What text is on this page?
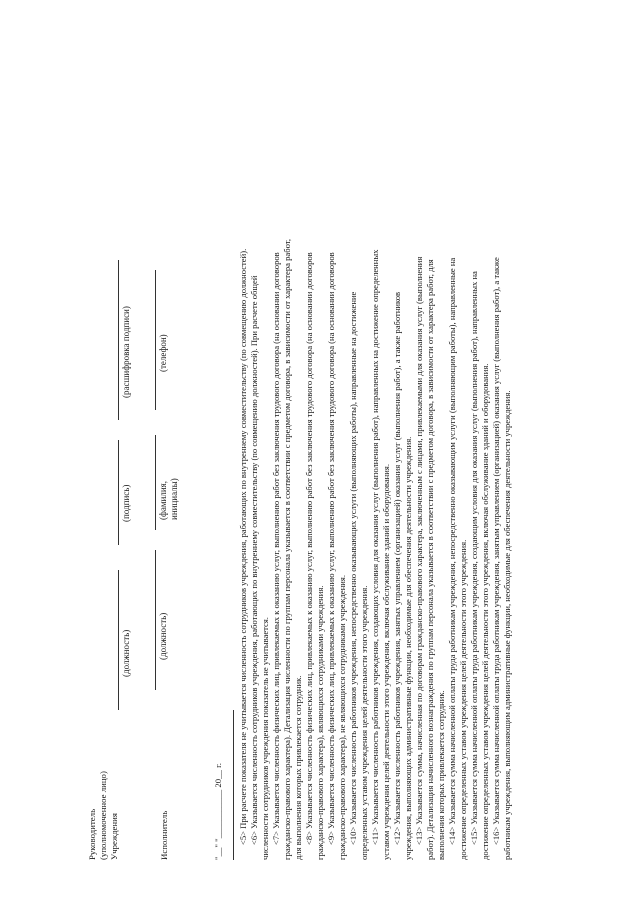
Руководитель (уполномоченное лицо) Учреждения
(должность)
(подпись)
(расшифровка подписи)
Исполнитель
(должность)
(фамилия, инициалы)
(телефон)
"__" "___________ 20__ г. <5> При расчете показателя не учитывается численность сотрудников учреждения, работающих по внутреннему совместительству (по совмещению должностей). <6> Указывается численность сотрудников учреждения, работающих по внутреннему совместительству (по совмещению должностей). При расчете общей численности сотрудников учреждения показатель не учитывается. <7> Указывается численность физических лиц, привлекаемых к оказанию услуг, выполнению работ без заключения трудового договора (на основании договоров гражданско-правового характера). Детализация численности по группам персонала указывается в соответствии с предметом договора, в зависимости от характера работ, для выполнения которых привлекается сотрудник. <8> Указывается численность физических лиц, привлекаемых к оказанию услуг, выполнению работ без заключения трудового договора (на основании договоров гражданско-правового характера), являющихся сотрудниками учреждения. <9> Указывается численность физических лиц, привлекаемых к оказанию услуг, выполнению работ без заключения трудового договора (на основании договоров гражданско-правового характера), не являющихся сотрудниками учреждения. <10> Указывается численность работников учреждения, непосредственно оказывающих услуги (выполняющих работы), направленные на достижение определенных уставом учреждения целей деятельности этого учреждения. <11> Указывается численность работников учреждения, создающих условия для оказания услуг (выполнения работ), направленных на достижение определенных уставом учреждения целей деятельности этого учреждения, включая обслуживание зданий и оборудования. <12> Указывается численность работников учреждения, занятых управлением (организацией) оказания услуг (выполнения работ), а также работников учреждения, выполняющих административные функции, необходимые для обеспечения деятельности учреждения. <13> Указывается сумма, начисленная по договорам гражданско-правового характера, заключенным с лицами, привлекаемыми для оказания услуг (выполнения работ). Детализация начисленного вознаграждения по группам персонала указывается в соответствии с предметом договора, в зависимости от характера работ, для выполнения которых привлекается сотрудник. <14> Указывается сумма начисленной оплаты труда работникам учреждения, непосредственно оказывающим услуги (выполняющим работы), направленные на достижение определенных уставом учреждения целей деятельности этого учреждения. <15> Указывается сумма начисленной оплаты труда работникам учреждения, создающим условия для оказания услуг (выполнения работ), направленных на достижение определенных уставом учреждения целей деятельности этого учреждения, включая обслуживание зданий и оборудования. <16> Указывается сумма начисленной оплаты труда работникам учреждения, занятым управлением (организацией) оказания услуг (выполнения работ), а также работникам учреждения, выполняющим административные функции, необходимые для обеспечения деятельности учреждения.
